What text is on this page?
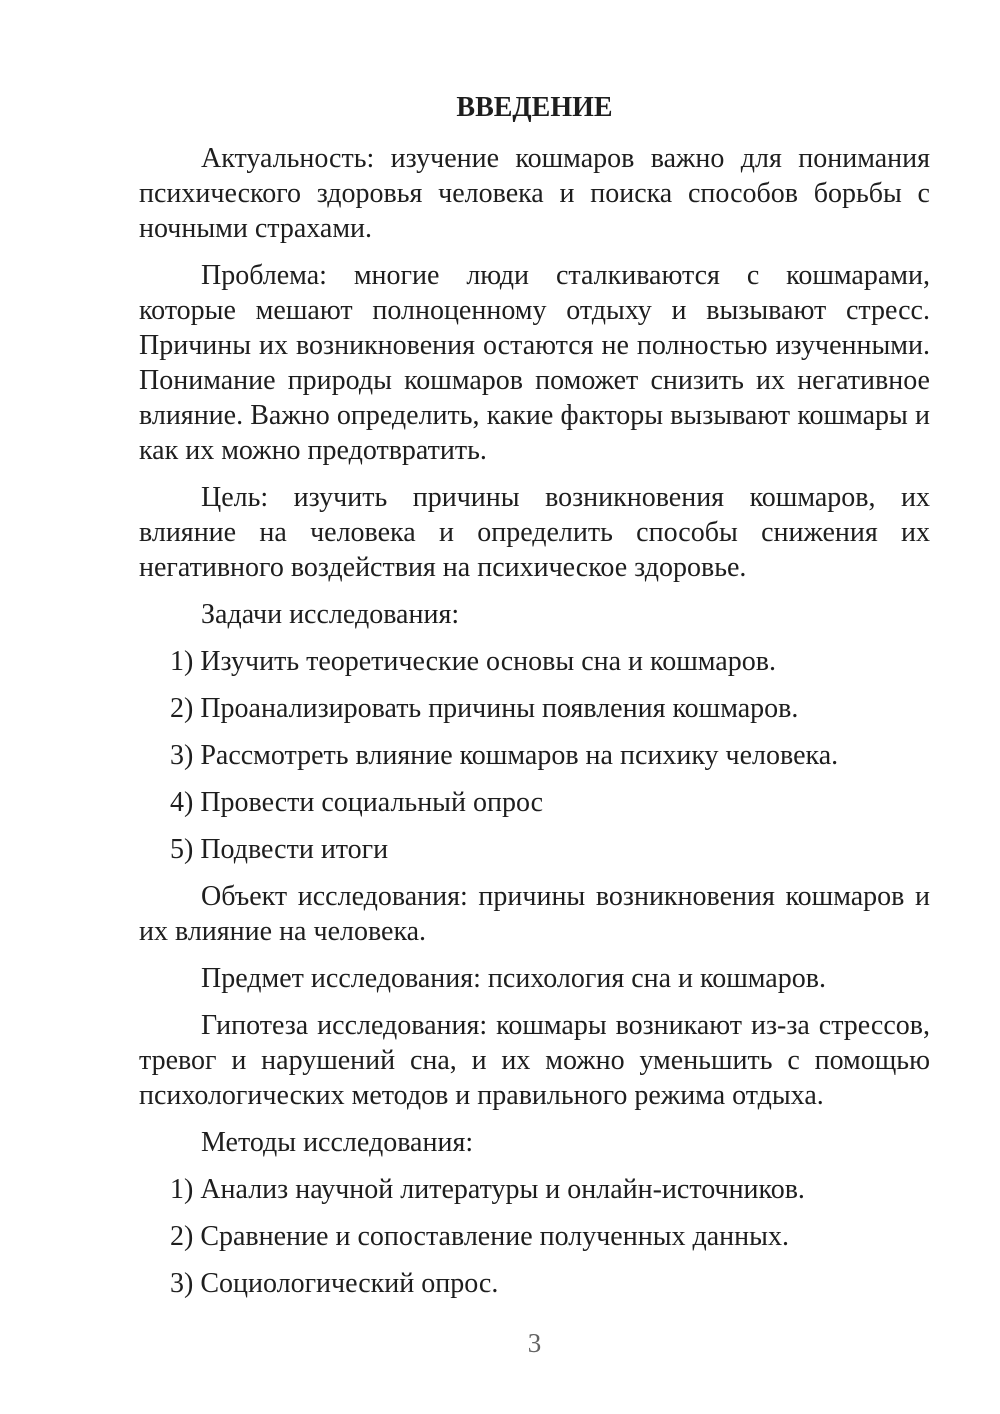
ВВЕДЕНИЕ

Актуальность: изучение кошмаров важно для понимания психического здоровья человека и поиска способов борьбы с ночными страхами.

Проблема: многие люди сталкиваются с кошмарами, которые мешают полноценному отдыху и вызывают стресс. Причины их возникновения остаются не полностью изученными. Понимание природы кошмаров поможет снизить их негативное влияние. Важно определить, какие факторы вызывают кошмары и как их можно предотвратить.

Цель: изучить причины возникновения кошмаров, их влияние на человека и определить способы снижения их негативного воздействия на психическое здоровье.

Задачи исследования:

1) Изучить теоретические основы сна и кошмаров.

2) Проанализировать причины появления кошмаров.

3) Рассмотреть влияние кошмаров на психику человека.

4) Провести социальный опрос

5) Подвести итоги

Объект исследования: причины возникновения кошмаров и их влияние на человека.

Предмет исследования: психология сна и кошмаров.

Гипотеза исследования: кошмары возникают из-за стрессов, тревог и нарушений сна, и их можно уменьшить с помощью психологических методов и правильного режима отдыха.

Методы исследования:

1) Анализ научной литературы и онлайн-источников.

2) Сравнение и сопоставление полученных данных.

3) Социологический опрос.

3
